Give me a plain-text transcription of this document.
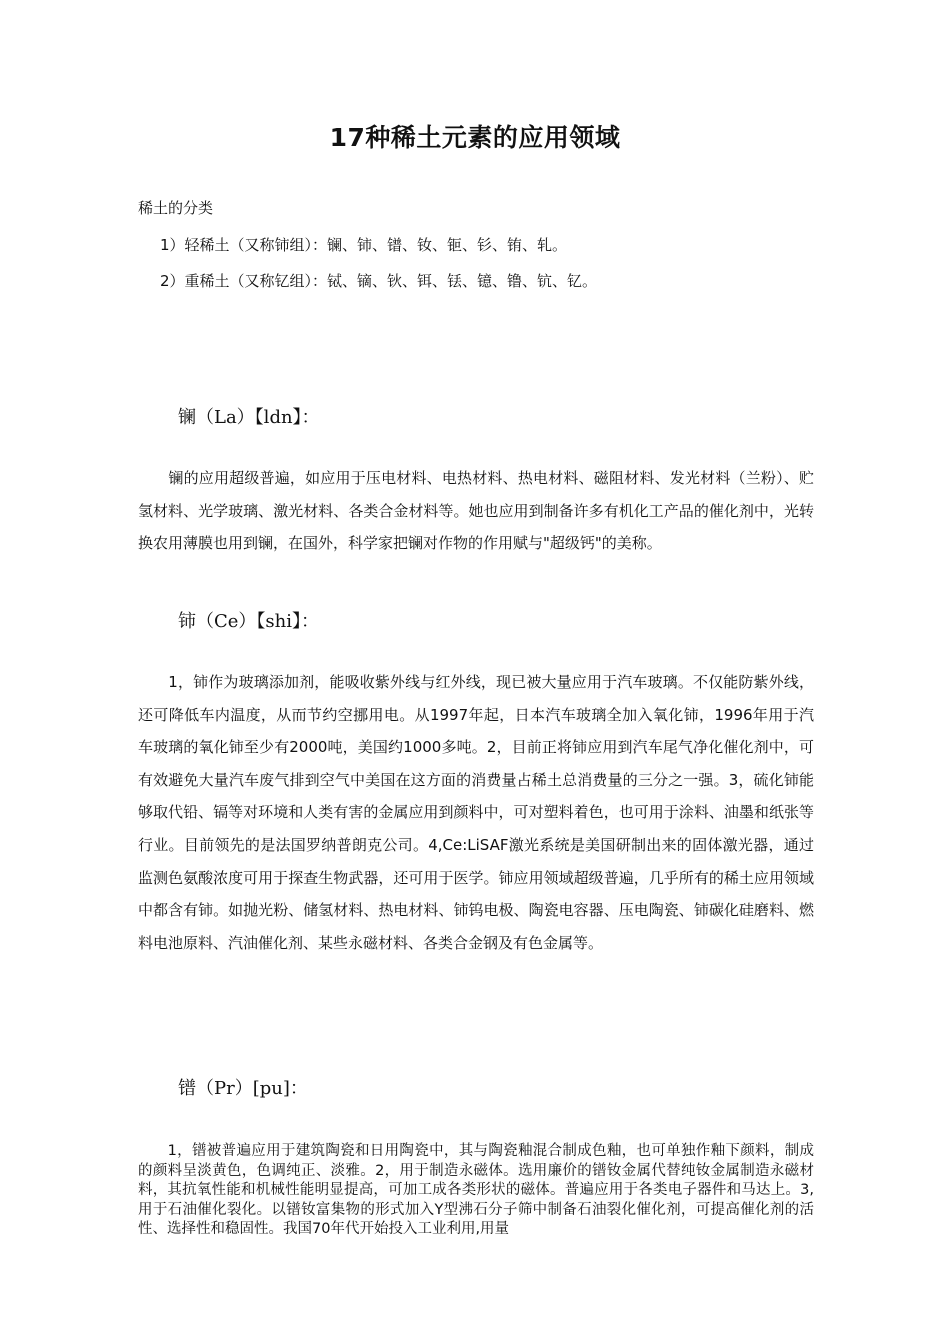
17种稀土元素的应用领域
稀土的分类
1）轻稀土（又称铈组）：镧、铈、镨、钕、钷、钐、铕、轧。
2）重稀土（又称钇组）：铽、镝、钬、铒、铥、镱、镥、钪、钇。
镧（La）【ldn】：
　　镧的应用超级普遍，如应用于压电材料、电热材料、热电材料、磁阻材料、发光材料（兰粉）、贮氢材料、光学玻璃、激光材料、各类合金材料等。她也应用到制备许多有机化工产品的催化剂中，光转换农用薄膜也用到镧，在国外，科学家把镧对作物的作用赋与"超级钙"的美称。
铈（Ce）【shi】：
　　1，铈作为玻璃添加剂，能吸收紫外线与红外线，现已被大量应用于汽车玻璃。不仅能防紫外线，还可降低车内温度，从而节约空挪用电。从1997年起，日本汽车玻璃全加入氧化铈，1996年用于汽车玻璃的氧化铈至少有2000吨，美国约1000多吨。2，目前正将铈应用到汽车尾气净化催化剂中，可有效避免大量汽车废气排到空气中美国在这方面的消费量占稀土总消费量的三分之一强。3，硫化铈能够取代铅、镉等对环境和人类有害的金属应用到颜料中，可对塑料着色，也可用于涂料、油墨和纸张等行业。目前领先的是法国罗纳普朗克公司。4,Ce:LiSAF激光系统是美国研制出来的固体激光器，通过监测色氨酸浓度可用于探查生物武器，还可用于医学。铈应用领域超级普遍，几乎所有的稀土应用领域中都含有铈。如抛光粉、储氢材料、热电材料、铈钨电极、陶瓷电容器、压电陶瓷、铈碳化硅磨料、燃料电池原料、汽油催化剂、某些永磁材料、各类合金钢及有色金属等。
镨（Pr）[pu]：
　　1，镨被普遍应用于建筑陶瓷和日用陶瓷中，其与陶瓷釉混合制成色釉，也可单独作釉下颜料，制成的颜料呈淡黄色，色调纯正、淡雅。2，用于制造永磁体。选用廉价的镨钕金属代替纯钕金属制造永磁材料，其抗氧性能和机械性能明显提高，可加工成各类形状的磁体。普遍应用于各类电子器件和马达上。3,用于石油催化裂化。以镨钕富集物的形式加入Y型沸石分子筛中制备石油裂化催化剂，可提高催化剂的活性、选择性和稳固性。我国70年代开始投入工业利用,用量
